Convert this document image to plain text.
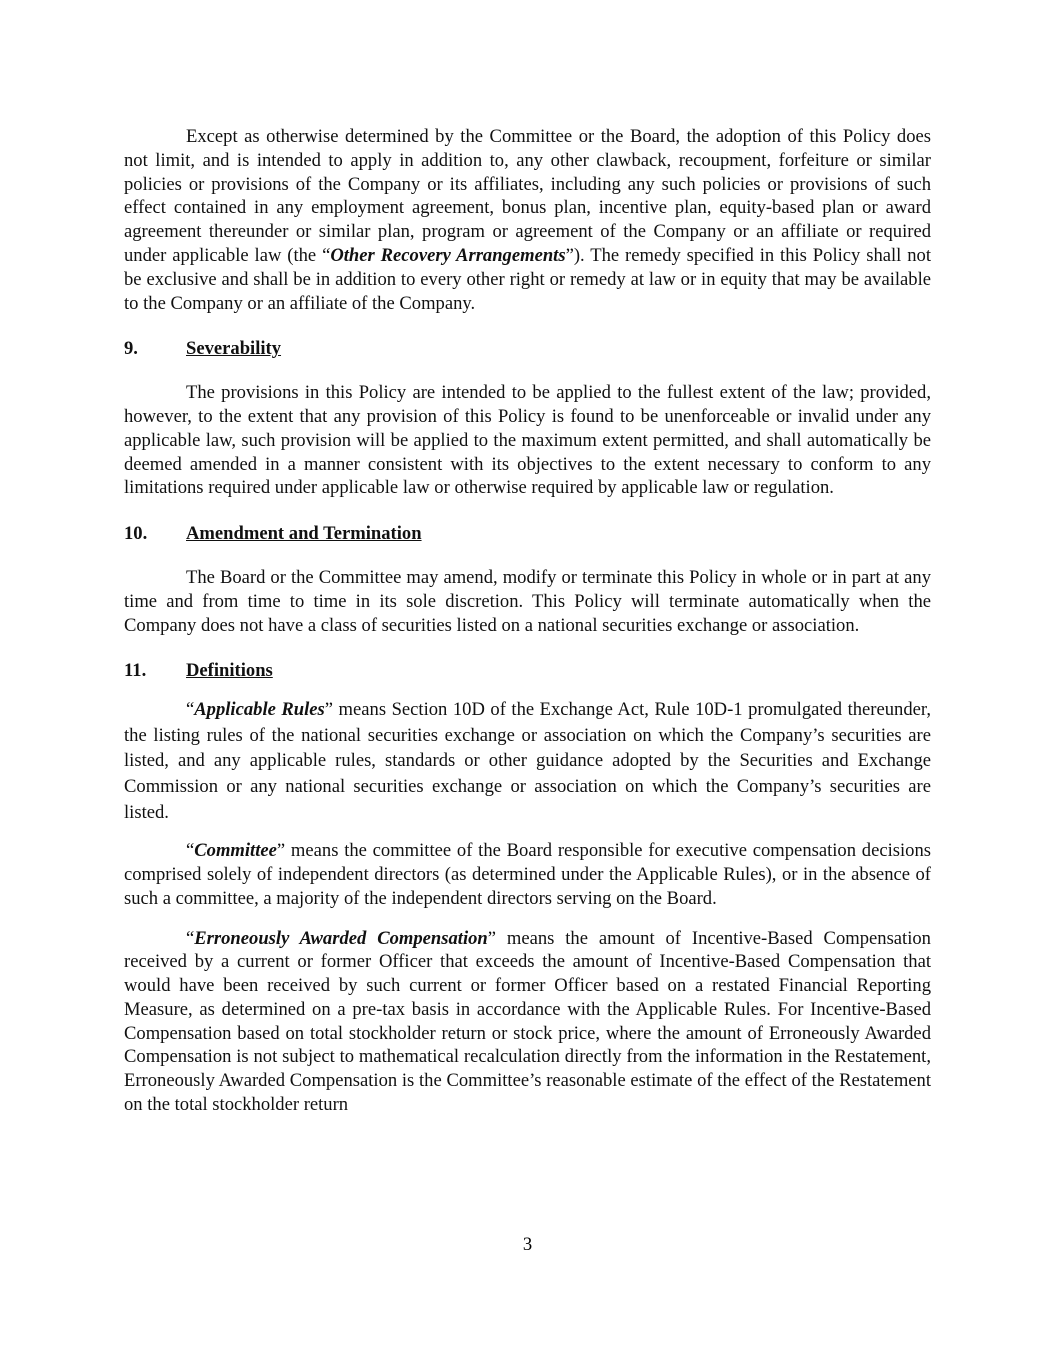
Except as otherwise determined by the Committee or the Board, the adoption of this Policy does not limit, and is intended to apply in addition to, any other clawback, recoupment, forfeiture or similar policies or provisions of the Company or its affiliates, including any such policies or provisions of such effect contained in any employment agreement, bonus plan, incentive plan, equity-based plan or award agreement thereunder or similar plan, program or agreement of the Company or an affiliate or required under applicable law (the “Other Recovery Arrangements”). The remedy specified in this Policy shall not be exclusive and shall be in addition to every other right or remedy at law or in equity that may be available to the Company or an affiliate of the Company.

9.	Severability

The provisions in this Policy are intended to be applied to the fullest extent of the law; provided, however, to the extent that any provision of this Policy is found to be unenforceable or invalid under any applicable law, such provision will be applied to the maximum extent permitted, and shall automatically be deemed amended in a manner consistent with its objectives to the extent necessary to conform to any limitations required under applicable law or otherwise required by applicable law or regulation.

10.	Amendment and Termination

The Board or the Committee may amend, modify or terminate this Policy in whole or in part at any time and from time to time in its sole discretion. This Policy will terminate automatically when the Company does not have a class of securities listed on a national securities exchange or association.

11.	Definitions

“Applicable Rules” means Section 10D of the Exchange Act, Rule 10D-1 promulgated thereunder, the listing rules of the national securities exchange or association on which the Company’s securities are listed, and any applicable rules, standards or other guidance adopted by the Securities and Exchange Commission or any national securities exchange or association on which the Company’s securities are listed.

“Committee” means the committee of the Board responsible for executive compensation decisions comprised solely of independent directors (as determined under the Applicable Rules), or in the absence of such a committee, a majority of the independent directors serving on the Board.

“Erroneously Awarded Compensation” means the amount of Incentive-Based Compensation received by a current or former Officer that exceeds the amount of Incentive-Based Compensation that would have been received by such current or former Officer based on a restated Financial Reporting Measure, as determined on a pre-tax basis in accordance with the Applicable Rules. For Incentive-Based Compensation based on total stockholder return or stock price, where the amount of Erroneously Awarded Compensation is not subject to mathematical recalculation directly from the information in the Restatement, Erroneously Awarded Compensation is the Committee’s reasonable estimate of the effect of the Restatement on the total stockholder return

3
